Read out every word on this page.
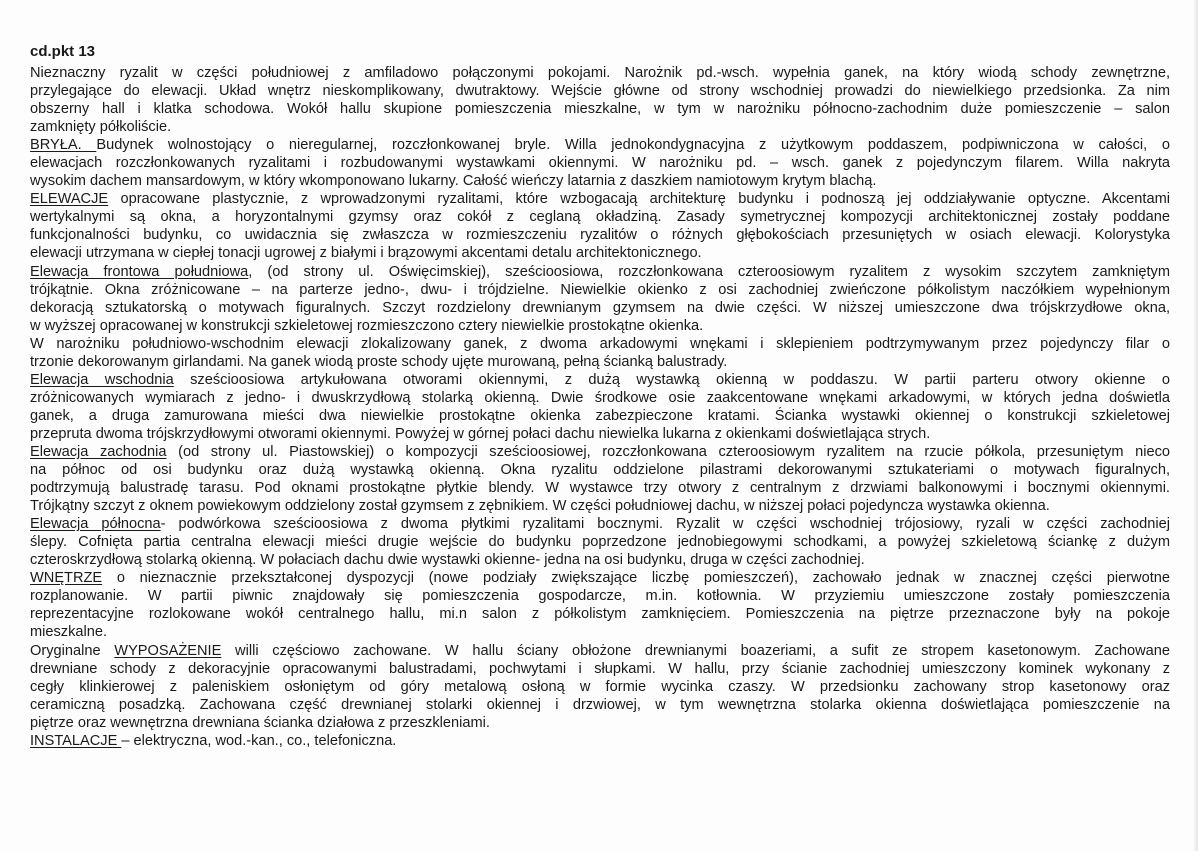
cd.pkt 13
Nieznaczny ryzalit w części południowej z amfiladowo połączonymi pokojami. Narożnik pd.-wsch. wypełnia ganek, na który wiodą schody zewnętrzne,
przylegające do elewacji. Układ wnętrz nieskomplikowany, dwutraktowy. Wejście główne od strony wschodniej prowadzi do niewielkiego przedsionka. Za nim
obszerny hall i klatka schodowa. Wokół hallu skupione pomieszczenia mieszkalne, w tym w narożniku północno-zachodnim duże pomieszczenie – salon
zamknięty półkoliście.
BRYŁA. Budynek wolnostojący o nieregularnej, rozczłonkowanej bryle. Willa jednokondygnacyjna z użytkowym poddaszem, podpiwniczona w całości, o
elewacjach rozczłonkowanych ryzalitami i rozbudowanymi wystawkami okiennymi. W narożniku pd. – wsch. ganek z pojedynczym filarem. Willa nakryta
wysokim dachem mansardowym, w który wkomponowano lukarny. Całość wieńczy latarnia z daszkiem namiotowym krytym blachą.
ELEWACJE opracowane plastycznie, z wprowadzonymi ryzalitami, które wzbogacają architekturę budynku i podnoszą jej oddziaływanie optyczne. Akcentami
wertykalnymi są okna, a horyzontalnymi gzymsy oraz cokół z ceglaną okładziną. Zasady symetrycznej kompozycji architektonicznej zostały poddane
funkcjonalności budynku, co uwidacznia się zwłaszcza w rozmieszczeniu ryzalitów o różnych głębokościach przesuniętych w osiach elewacji. Kolorystyka
elewacji utrzymana w ciepłej tonacji ugrowej z białymi i brązowymi akcentami detalu architektonicznego.
Elewacja frontowa południowa, (od strony ul. Oświęcimskiej), sześcioosiowa, rozczłonkowana czteroosiowym ryzalitem z wysokim szczytem zamkniętym
trójkątnie. Okna zróżnicowane – na parterze jedno-, dwu- i trójdzielne. Niewielkie okienko z osi zachodniej zwieńczone półkolistym naczółkiem wypełnionym
dekoracją sztukatorską o motywach figuralnych. Szczyt rozdzielony drewnianym gzymsem na dwie części. W niższej umieszczone dwa trójskrzydłowe okna,
w wyższej opracowanej w konstrukcji szkieletowej rozmieszczono cztery niewielkie prostokątne okienka.
W narożniku południowo-wschodnim elewacji zlokalizowany ganek, z dwoma arkadowymi wnękami i sklepieniem podtrzymywanym przez pojedynczy filar o
trzonie dekorowanym girlandami. Na ganek wiodą proste schody ujęte murowaną, pełną ścianką balustrady.
Elewacja wschodnia sześcioosiowa artykułowana otworami okiennymi, z dużą wystawką okienną w poddaszu. W partii parteru otwory okienne o
zróżnicowanych wymiarach z jedno- i dwuskrzydłową stolarką okienną. Dwie środkowe osie zaakcentowane wnękami arkadowymi, w których jedna doświetla
ganek, a druga zamurowana mieści dwa niewielkie prostokątne okienka zabezpieczone kratami. Ścianka wystawki okiennej o konstrukcji szkieletowej
przepruta dwoma trójskrzydłowymi otworami okiennymi. Powyżej w górnej połaci dachu niewielka lukarna z okienkami doświetlająca strych.
Elewacja zachodnia (od strony ul. Piastowskiej) o kompozycji sześcioosiowej, rozczłonkowana czteroosiowym ryzalitem na rzucie półkola, przesuniętym nieco
na północ od osi budynku oraz dużą wystawką okienną. Okna ryzalitu oddzielone pilastrami dekorowanymi sztukateriami o motywach figuralnych,
podtrzymują balustradę tarasu. Pod oknami prostokątne płytkie blendy. W wystawce trzy otwory z centralnym z drzwiami balkonowymi i bocznymi okiennymi.
Trójkątny szczyt z oknem powiekowym oddzielony został gzymsem z zębnikiem. W części południowej dachu, w niższej połaci pojedyncza wystawka okienna.
Elewacja północna- podwórkowa sześcioosiowa z dwoma płytkimi ryzalitami bocznymi. Ryzalit w części wschodniej trójosiowy, ryzali w części zachodniej
ślepy. Cofnięta partia centralna elewacji mieści drugie wejście do budynku poprzedzone jednobiegowymi schodkami, a powyżej szkieletową ściankę z dużym
czteroskrzydłową stolarką okienną. W połaciach dachu dwie wystawki okienne- jedna na osi budynku, druga w części zachodniej.
WNĘTRZE o nieznacznie przekształconej dyspozycji (nowe podziały zwiększające liczbę pomieszczeń), zachowało jednak w znacznej części pierwotne
rozplanowanie. W partii piwnic znajdowały się pomieszczenia gospodarcze, m.in. kotłownia. W przyziemiu umieszczone zostały pomieszczenia
reprezentacyjne rozlokowane wokół centralnego hallu, mi.n salon z półkolistym zamknięciem. Pomieszczenia na piętrze przeznaczone były na pokoje
mieszkalne.
Oryginalne WYPOSAŻENIE willi częściowo zachowane. W hallu ściany obłożone drewnianymi boazeriami, a sufit ze stropem kasetonowym. Zachowane
drewniane schody z dekoracyjnie opracowanymi balustradami, pochwytami i słupkami. W hallu, przy ścianie zachodniej umieszczony kominek wykonany z
cegły klinkierowej z paleniskiem osłoniętym od góry metalową osłoną w formie wycinka czaszy. W przedsionku zachowany strop kasetonowy oraz
ceramiczną posadzką. Zachowana część drewnianej stolarki okiennej i drzwiowej, w tym wewnętrzna stolarka okienna doświetlająca pomieszczenie na
piętrze oraz wewnętrzna drewniana ścianka działowa z przeszkleniami.
INSTALACJE – elektryczna, wod.-kan., co., telefoniczna.
